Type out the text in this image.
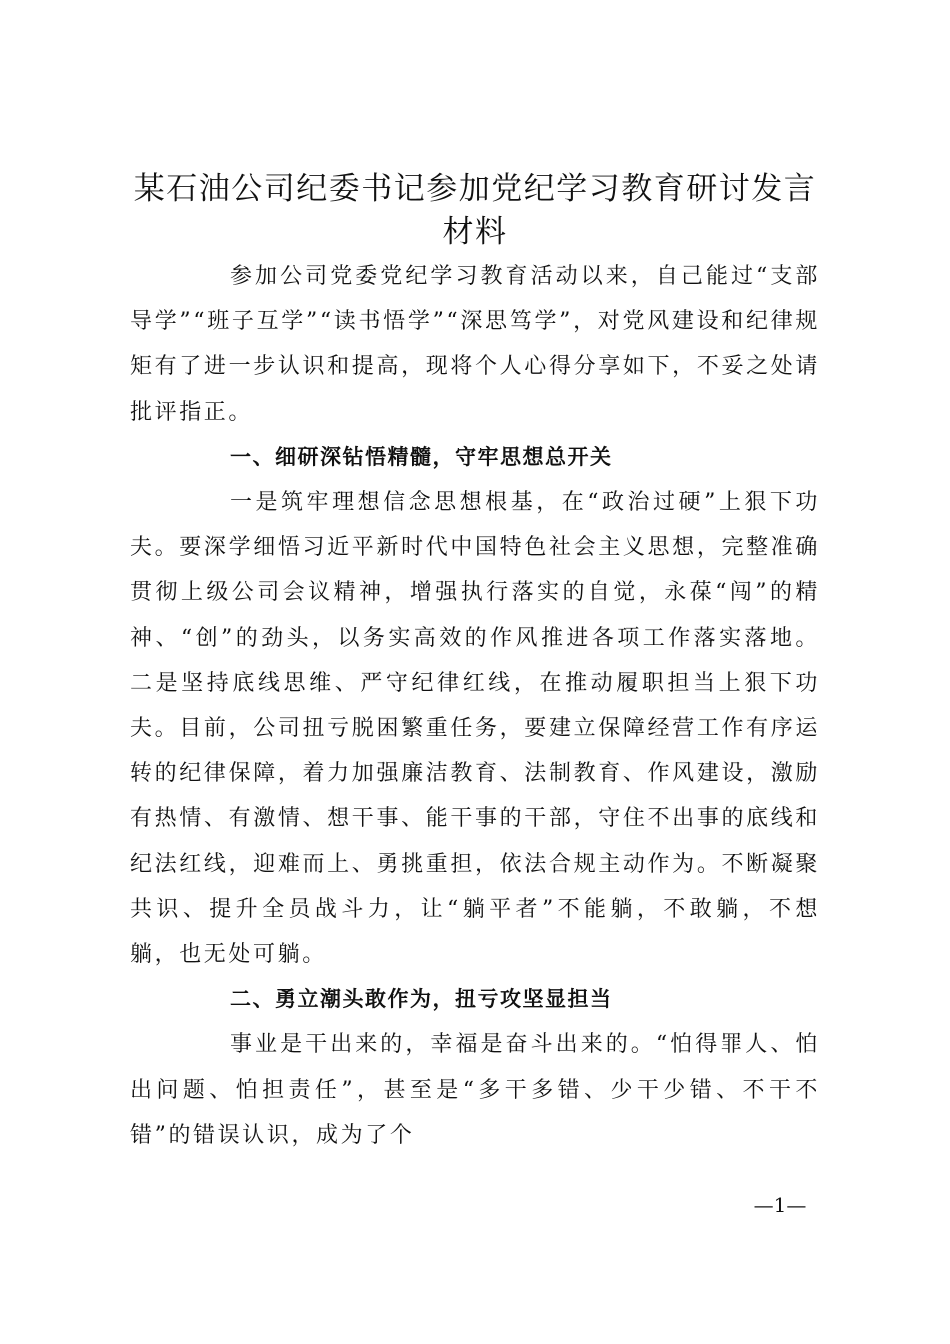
某石油公司纪委书记参加党纪学习教育研讨发言材料

参加公司党委党纪学习教育活动以来，自己能过“支部导学”“班子互学”“读书悟学”“深思笃学”，对党风建设和纪律规矩有了进一步认识和提高，现将个人心得分享如下，不妥之处请批评指正。

一、细研深钻悟精髓，守牢思想总开关

一是筑牢理想信念思想根基，在“政治过硬”上狠下功夫。要深学细悟习近平新时代中国特色社会主义思想，完整准确贯彻上级公司会议精神，增强执行落实的自觉，永葆“闯”的精神、“创”的劲头，以务实高效的作风推进各项工作落实落地。二是坚持底线思维、严守纪律红线，在推动履职担当上狠下功夫。目前，公司扭亏脱困繁重任务，要建立保障经营工作有序运转的纪律保障，着力加强廉洁教育、法制教育、作风建设，激励有热情、有激情、想干事、能干事的干部，守住不出事的底线和纪法红线，迎难而上、勇挑重担，依法合规主动作为。不断凝聚共识、提升全员战斗力，让“躺平者”不能躺，不敢躺，不想躺，也无处可躺。

二、勇立潮头敢作为，扭亏攻坚显担当

事业是干出来的，幸福是奋斗出来的。“怕得罪人、怕出问题、怕担责任”，甚至是“多干多错、少干少错、不干不错”的错误认识，成为了个

—1—
